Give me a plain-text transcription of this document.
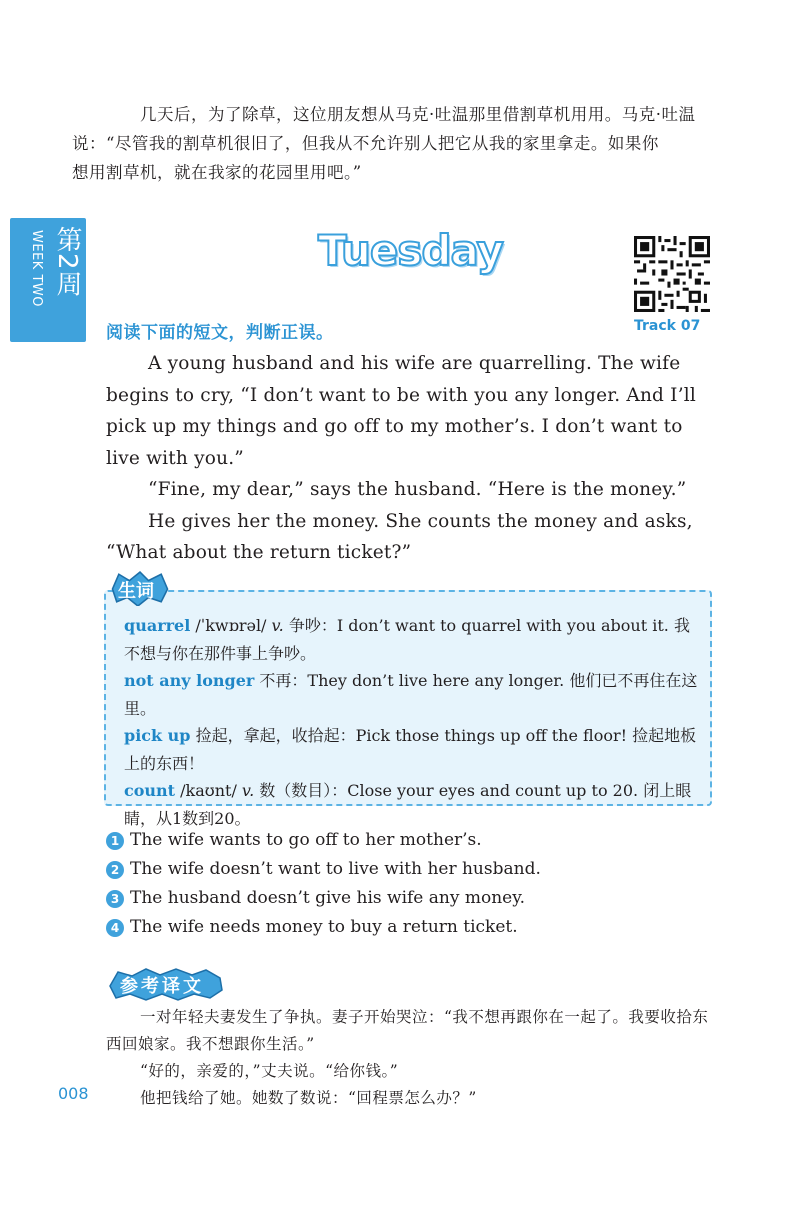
几天后，为了除草，这位朋友想从马克·吐温那里借割草机用用。马克·吐温
说：“尽管我的割草机很旧了，但我从不允许别人把它从我的家里拿走。如果你
想用割草机，就在我家的花园里用吧。”

第2周
WEEK TWO	Tuesday
Track 07
阅读下面的短文，判断正误。

A young husband and his wife are quarrelling. The wife begins to cry, “I don’t want to be with you any longer. And I’ll pick up my things and go off to my mother’s. I don’t want to live with you.”

“Fine, my dear,” says the husband. “Here is the money.”

He gives her the money. She counts the money and asks, “What about the return ticket?”

生词

quarrel /ˈkwɒrəl/ v. 争吵：I don’t want to quarrel with you about it. 我不想与你在那件事上争吵。

not any longer 不再：They don’t live here any longer. 他们已不再住在这里。

pick up 捡起，拿起，收拾起：Pick those things up off the floor! 捡起地板上的东西！

count /kaʊnt/ v. 数（数目）：Close your eyes and count up to 20. 闭上眼睛，从1数到20。

1 The wife wants to go off to her mother’s.
2 The wife doesn’t want to live with her husband.
3 The husband doesn’t give his wife any money.
4 The wife needs money to buy a return ticket.
参考译文

一对年轻夫妻发生了争执。妻子开始哭泣：“我不想再跟你在一起了。我要收拾东西回娘家。我不想跟你生活。”

“好的，亲爱的，”丈夫说。“给你钱。”

他把钱给了她。她数了数说：“回程票怎么办？”

008
